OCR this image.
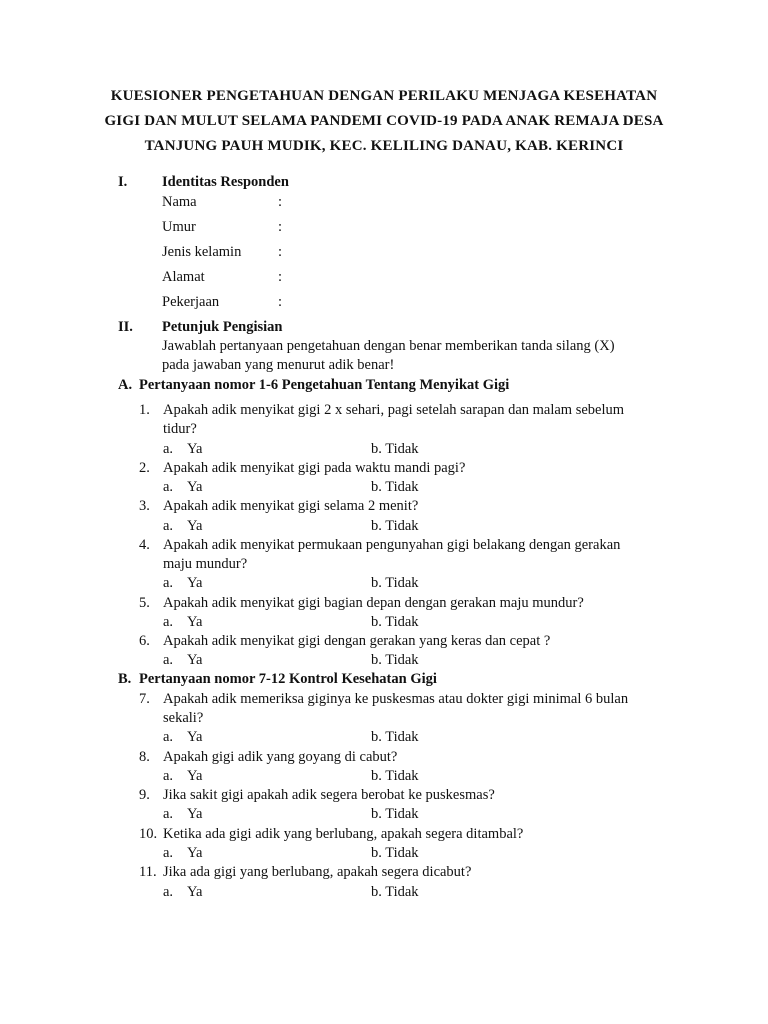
KUESIONER PENGETAHUAN DENGAN PERILAKU MENJAGA KESEHATAN
GIGI DAN MULUT SELAMA PANDEMI COVID-19 PADA ANAK REMAJA DESA
TANJUNG PAUH MUDIK, KEC. KELILING DANAU, KAB. KERINCI
I. Identitas Responden
Nama	:
Umur	:
Jenis kelamin	:
Alamat	:
Pekerjaan	:
II. Petunjuk Pengisian
Jawablah pertanyaan pengetahuan dengan benar memberikan tanda silang (X)
pada jawaban yang menurut adik benar!
A. Pertanyaan nomor 1-6 Pengetahuan Tentang Menyikat Gigi
1. Apakah adik menyikat gigi 2 x sehari, pagi setelah sarapan dan malam sebelum
tidur?
a. Ya	b. Tidak
2. Apakah adik menyikat gigi pada waktu mandi pagi?
a. Ya	b. Tidak
3. Apakah adik menyikat gigi selama 2 menit?
a. Ya	b. Tidak
4. Apakah adik menyikat permukaan pengunyahan gigi belakang dengan gerakan
maju mundur?
a. Ya	b. Tidak
5. Apakah adik menyikat gigi bagian depan dengan gerakan maju mundur?
a. Ya	b. Tidak
6. Apakah adik menyikat gigi dengan gerakan yang keras dan cepat ?
a. Ya	b. Tidak
B. Pertanyaan nomor 7-12 Kontrol Kesehatan Gigi
7. Apakah adik memeriksa giginya ke puskesmas atau dokter gigi minimal 6 bulan
sekali?
a. Ya	b. Tidak
8. Apakah gigi adik yang goyang di cabut?
a. Ya	b. Tidak
9. Jika sakit gigi apakah adik segera berobat ke puskesmas?
a. Ya	b. Tidak
10. Ketika ada gigi adik yang berlubang, apakah segera ditambal?
a. Ya	b. Tidak
11. Jika ada gigi yang berlubang, apakah segera dicabut?
a. Ya	b. Tidak
